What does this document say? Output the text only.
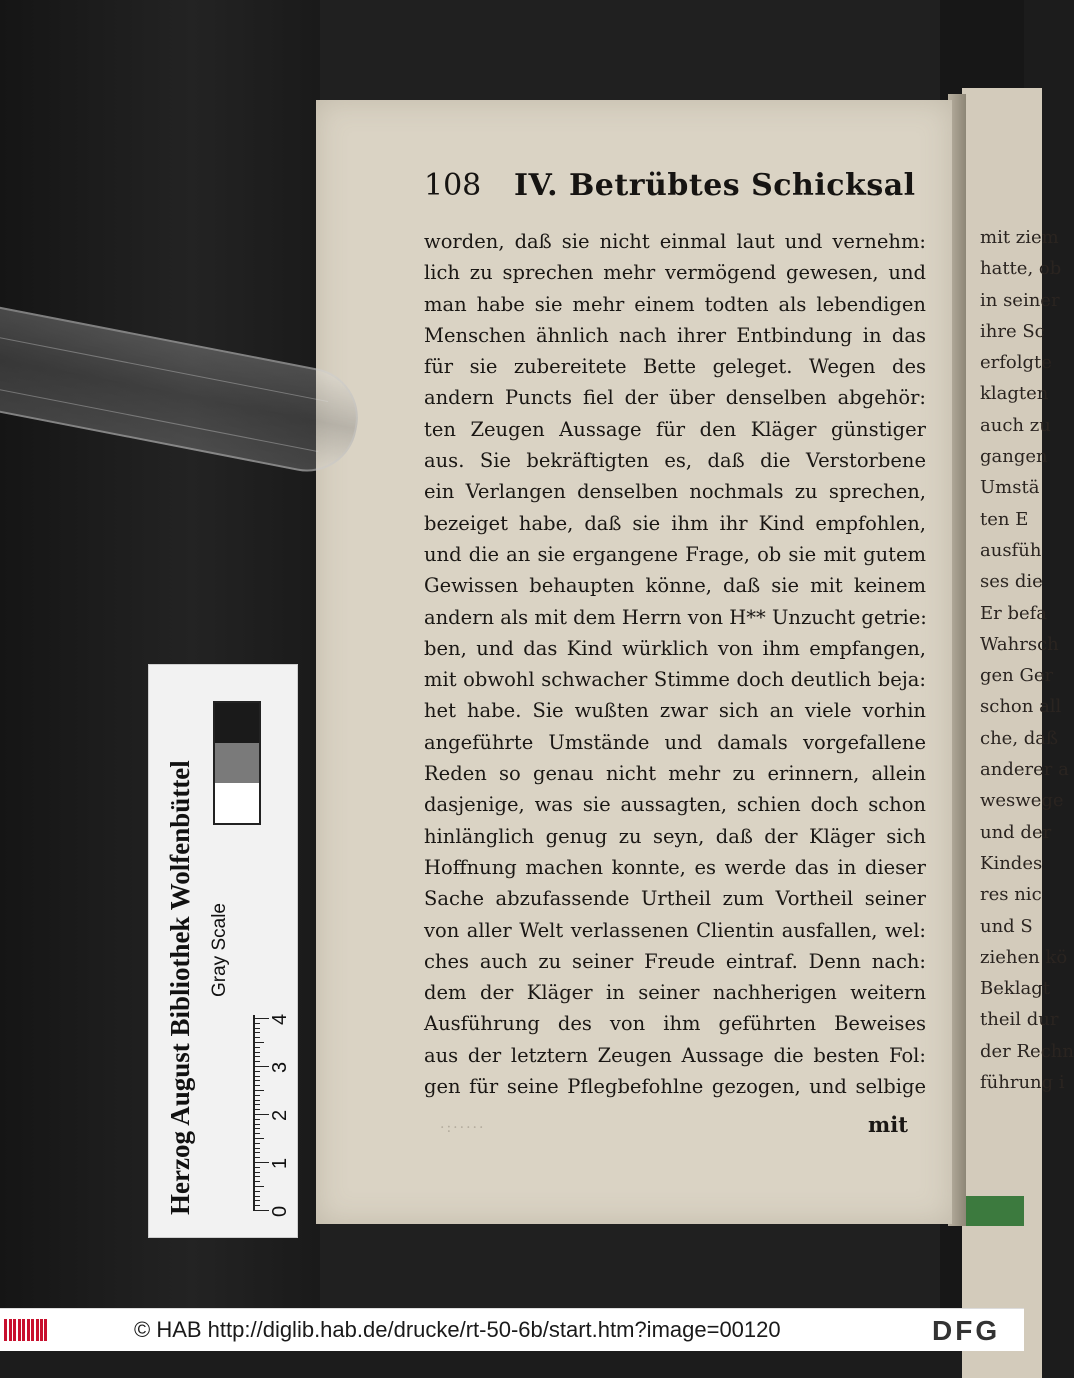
mit ziem
hatte, ob
in seiner
ihre Sc
erfolgte
klagten
auch zu
gangen
Umstä
ten E
ausfüh
ses die
Er befa
Wahrsch
gen Ger
schon all
che, daß
anderer a
weswege
und der
Kindes
res nic
und S
ziehen kö
Beklagt
theil dur
der Rechn
führung i
108 IV. Betrübtes Schicksal
worden, daß sie nicht einmal laut und vernehm:
lich zu sprechen mehr vermögend gewesen, und
man habe sie mehr einem todten als lebendigen
Menschen ähnlich nach ihrer Entbindung in das
für sie zubereitete Bette geleget. Wegen des
andern Puncts fiel der über denselben abgehör:
ten Zeugen Aussage für den Kläger günstiger
aus. Sie bekräftigten es, daß die Verstorbene
ein Verlangen denselben nochmals zu sprechen,
bezeiget habe, daß sie ihm ihr Kind empfohlen,
und die an sie ergangene Frage, ob sie mit gutem
Gewissen behaupten könne, daß sie mit keinem
andern als mit dem Herrn von H** Unzucht getrie:
ben, und das Kind würklich von ihm empfangen,
mit obwohl schwacher Stimme doch deutlich beja:
het habe. Sie wußten zwar sich an viele vorhin
angeführte Umstände und damals vorgefallene
Reden so genau nicht mehr zu erinnern, allein
dasjenige, was sie aussagten, schien doch schon
hinlänglich genug zu seyn, daß der Kläger sich
Hoffnung machen konnte, es werde das in dieser
Sache abzufassende Urtheil zum Vortheil seiner
von aller Welt verlassenen Clientin ausfallen, wel:
ches auch zu seiner Freude eintraf. Denn nach:
dem der Kläger in seiner nachherigen weitern
Ausführung des von ihm geführten Beweises
aus der letztern Zeugen Aussage die besten Fol:
gen für seine Pflegbefohlne gezogen, und selbige
·:·····	mit
Herzog August Bibliothek Wolfenbüttel	0
1
2
3
4
Gray Scale
© HAB http://diglib.hab.de/drucke/rt-50-6b/start.htm?image=00120	DFG
